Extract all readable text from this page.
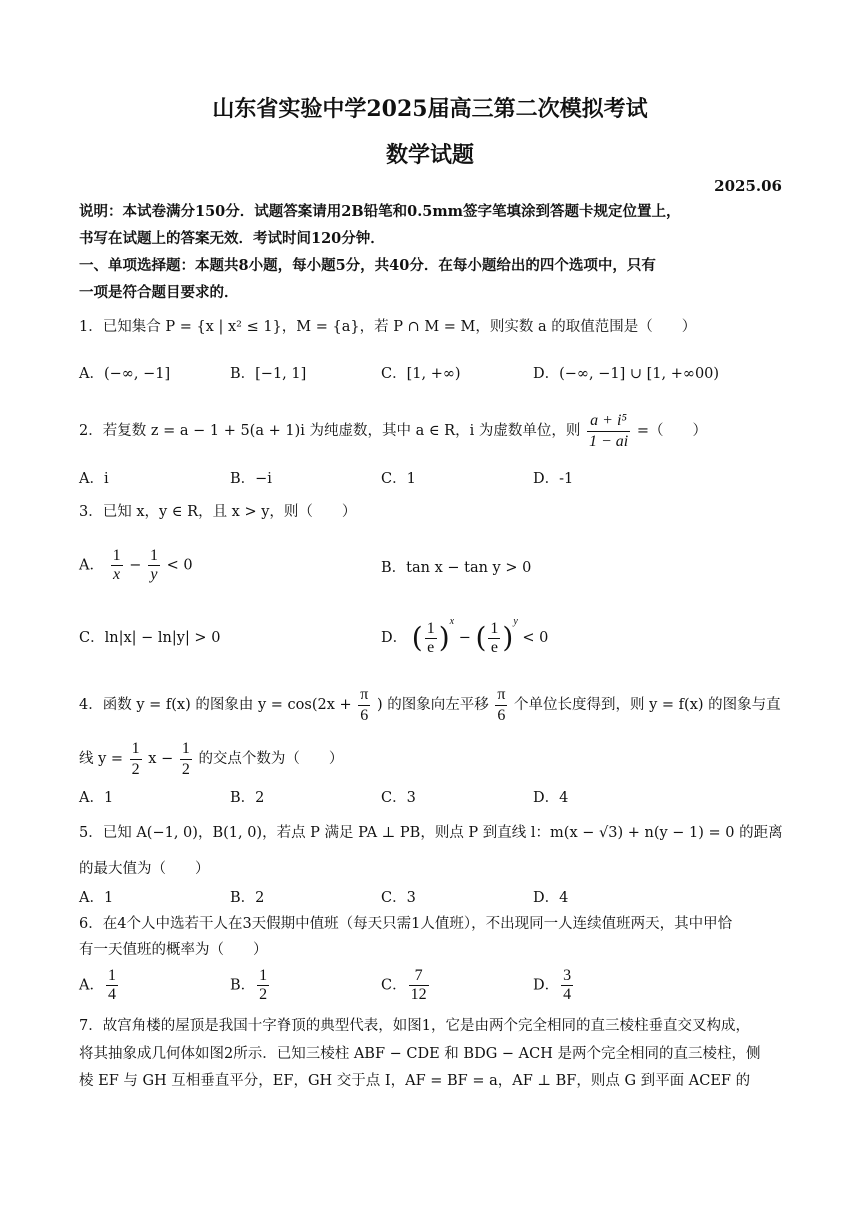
山东省实验中学2025届高三第二次模拟考试
数学试题
2025.06
说明：本试卷满分150分．试题答案请用2B铅笔和0.5mm签字笔填涂到答题卡规定位置上，
书写在试题上的答案无效．考试时间120分钟．
一、单项选择题：本题共8小题，每小题5分，共40分．在每小题给出的四个选项中，只有
一项是符合题目要求的．
1．已知集合 P = {x | x² ≤ 1}，M = {a}，若 P ∩ M = M，则实数 a 的取值范围是（　　）
A．(−∞, −1]	B．[−1, 1]	C．[1, +∞)	D．(−∞, −1] ∪ [1, +∞00)
2．若复数 z = a − 1 + 5(a + 1)i 为纯虚数，其中 a ∈ R，i 为虚数单位，则 $\frac{\text{a + i⁵}}{1 - ai}$ =（　　）
A．i	B．−i	C．1	D．-1
3．已知 x，y ∈ R，且 x > y，则（　　）
A． $\frac{1}{x} - \frac{1}{y} < 0$	B．tan x − tan y > 0
C．ln|x| − ln|y| > 0	D． ( $\frac{1}{e} )^x$ − ( $\frac{1}{e} )^y < 0$
4．函数 y = f(x) 的图象由 $y = \cos(2x + \frac{\pi}{6}$ ) 的图象向左平移 $\frac{\pi}{6}$ 个单位长度得到，则 y = f(x) 的图象与直
线 $y = \frac{1}{2}$ $x - \frac{1}{2}$ 的交点个数为（　　）
A．1	B．2	C．3	D．4
5．已知 A(−1, 0)，B(1, 0)，若点 P 满足 PA ⊥ PB，则点 P 到直线 l：m(x − √3) + n(y − 1) = 0 的距离
的最大值为（　　）
A．1	B．2	C．3	D．4
6．在4个人中选若干人在3天假期中值班（每天只需1人值班），不出现同一人连续值班两天，其中甲恰
有一天值班的概率为（　　）
A． $\frac{1}{4}$	B． $\frac{1}{2}$	C． $\frac{7}{12}$	D． $\frac{3}{4}$
7．故宫角楼的屋顶是我国十字脊顶的典型代表，如图1，它是由两个完全相同的直三棱柱垂直交叉构成，
将其抽象成几何体如图2所示．已知三棱柱 ABF − CDE 和 BDG − ACH 是两个完全相同的直三棱柱，侧
棱 EF 与 GH 互相垂直平分，EF，GH 交于点 I，AF = BF = a，AF ⊥ BF，则点 G 到平面 ACEF 的
